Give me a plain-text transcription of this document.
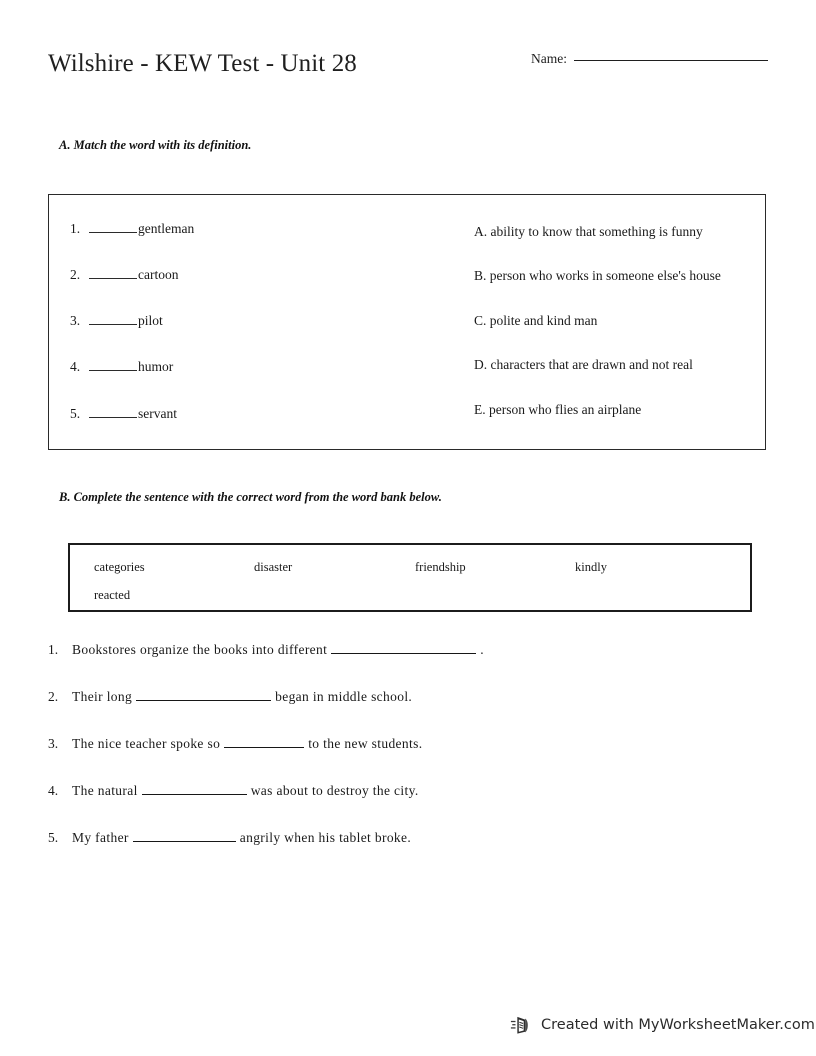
Wilshire - KEW Test - Unit 28	Name:
A. Match the word with its definition.
1.	gentleman
2.	cartoon
3.	pilot
4.	humor
5.	servant
A. ability to know that something is funny
B. person who works in someone else's house
C. polite and kind man
D. characters that are drawn and not real
E. person who flies an airplane
B. Complete the sentence with the correct word from the word bank below.
categories	disaster	friendship	kindly
reacted
1.	Bookstores organize the books into different	.
2.	Their long	began in middle school.
3.	The nice teacher spoke so	to the new students.
4.	The natural	was about to destroy the city.
5.	My father	angrily when his tablet broke.
Created with MyWorksheetMaker.com
